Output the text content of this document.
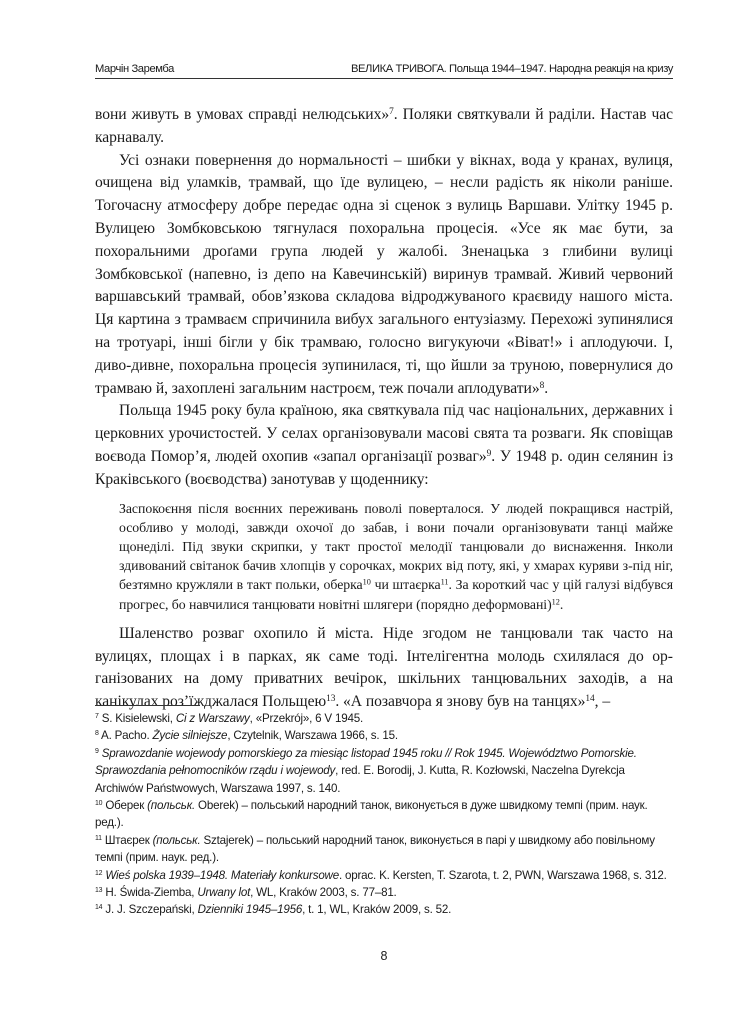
Марчін Заремба	ВЕЛИКА ТРИВОГА. Польща 1944–1947. Народна реакція на кризу

вони живуть в умовах справді нелюдських»$^7$. Поляки святкували й раділи. Настав час карнавалу.

Усі ознаки повернення до нормальності – шибки у вікнах, вода у кранах, вулиця, очищена від уламків, трамвай, що їде вулицею, – несли радість як ніколи раніше. Тогочасну атмосферу добре передає одна зі сценок з вулиць Варшави. Улітку 1945 р. Вулицею Зомбковською тягнулася похоральна процесія. «Усе як має бути, за похоральними дроґами група людей у жалобі. Зненацька з глибини вулиці Зомбковської (напевно, із депо на Кавечинській) виринув трамвай. Живий червоний варшавський трамвай, обов’язкова складова відроджуваного краєвиду нашого міста. Ця картина з трамваєм спричинила вибух загального ентузіазму. Перехожі зупинялися на тротуарі, інші бігли у бік трамваю, голосно вигукуючи «Віват!» і аплодуючи. І, диво-дивне, похоральна процесія зупинилася, ті, що йшли за труною, повернулися до трамваю й, захоплені загальним настроєм, теж почали аплодувати»$^8$.

Польща 1945 року була країною, яка святкувала під час національних, державних і церковних урочистостей. У селах організовували масові свята та розваги. Як сповіщав воєвода Помор’я, людей охопив «запал організації розваг»$^9$. У 1948 р. один селянин із Краківського (воєводства) занотував у щоденнику:

Заспокоєння після воєнних переживань поволі поверталося. У людей покращився настрій, особливо у молоді, завжди охочої до забав, і вони почали організовувати танці майже щонеділі. Під звуки скрипки, у такт простої мелодії танцювали до виснаження. Інколи здивований світанок бачив хлопців у сорочках, мокрих від поту, які, у хмарах куряви з-під ніг, безтямно кружляли в такт польки, оберка$^{10}$ чи штаєрка$^{11}$. За короткий час у цій галузі відбувся прогрес, бо навчилися танцювати новітні шлягери (порядно деформовані)$^{12}$.

Шаленство розваг охопило й міста. Ніде згодом не танцювали так часто на вулицях, площах і в парках, як саме тоді. Інтелігентна молодь схилялася до організованих на дому приватних вечірок, шкільних танцювальних заходів, а на канікулах роз’їжджалася Польщею$^{13}$. «А позавчора я знову був на танцях»$^{14}$, –

$^7$ S. Kisielewski, Ci z Warszawy, «Przekrój», 6 V 1945.

$^8$ A. Pacho. Życie silniejsze, Czytelnik, Warszawa 1966, s. 15.

$^9$ Sprawozdanie wojewody pomorskiego za miesiąc listopad 1945 roku // Rok 1945. Województwo Pomorskie. Sprawozdania pełnomocników rządu i wojewody, red. E. Borodij, J. Kutta, R. Kozłowski, Naczelna Dyrekcja Archiwów Państwowych, Warszawa 1997, s. 140.

$^{10}$ Оберек (польськ. Oberek) – польський народний танок, виконується в дуже швидкому темпі (прим. наук. ред.).

$^{11}$ Штаєрек (польськ. Sztajerek) – польський народний танок, виконується в парі у швидкому або повільному темпі (прим. наук. ред.).

$^{12}$ Wieś polska 1939–1948. Materiały konkursowe. oprac. K. Kersten, T. Szarota, t. 2, PWN, Warszawa 1968, s. 312.

$^{13}$ H. Świda-Ziemba, Urwany lot, WL, Kraków 2003, s. 77–81.

$^{14}$ J. J. Szczepański, Dzienniki 1945–1956, t. 1, WL, Kraków 2009, s. 52.

8
